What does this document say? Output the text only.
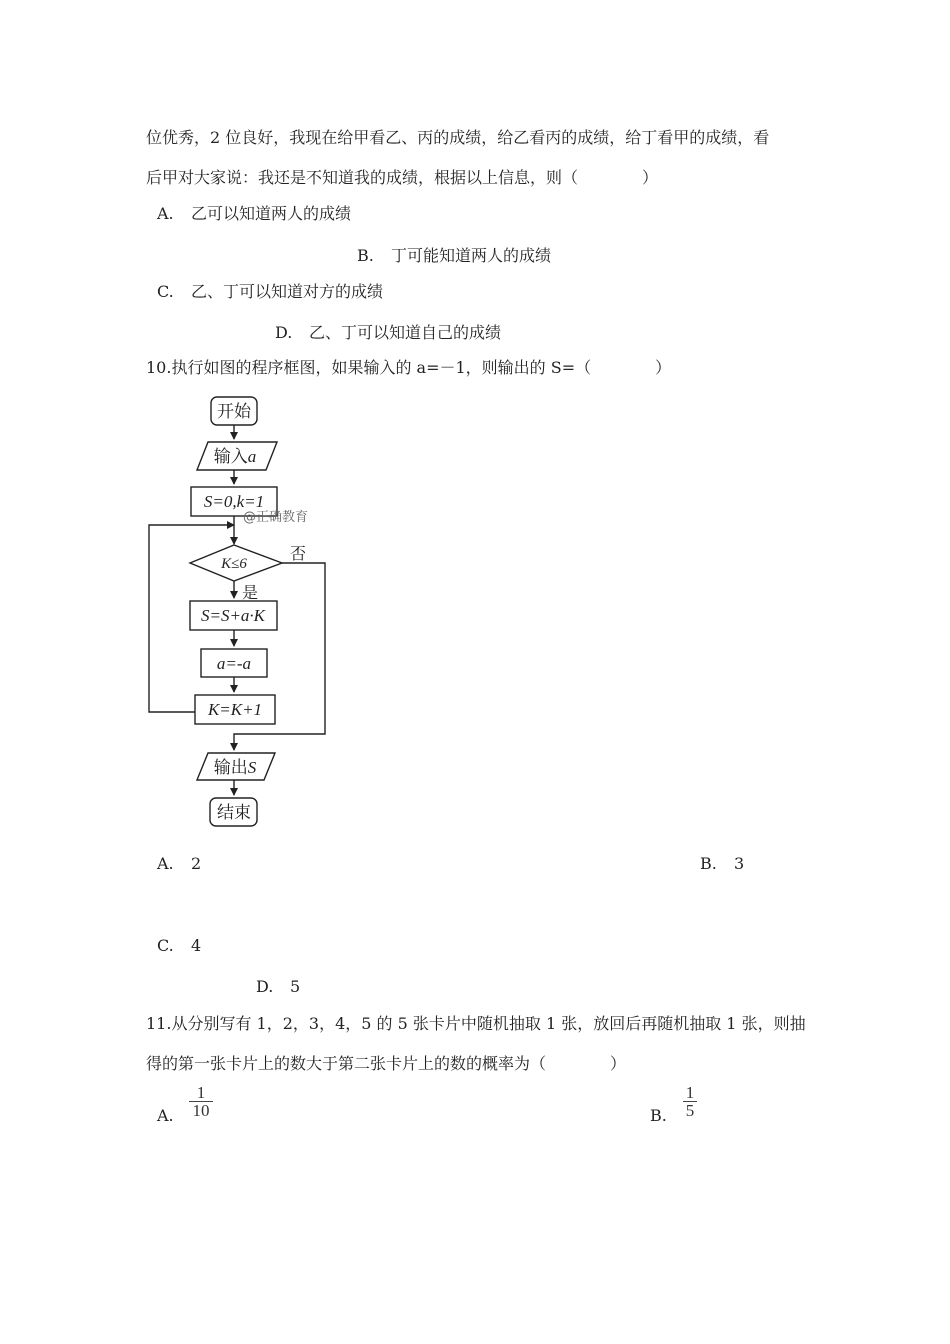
位优秀，2 位良好，我现在给甲看乙、丙的成绩，给乙看丙的成绩，给丁看甲的成绩，看
后甲对大家说：我还是不知道我的成绩，根据以上信息，则（　　　　）
A. 乙可以知道两人的成绩
B. 丁可能知道两人的成绩
C. 乙、丁可以知道对方的成绩
D. 乙、丁可以知道自己的成绩
10.执行如图的程序框图，如果输入的 a=－1，则输出的 S=（　　　　）
开始
输入a
S=0,k=1
@正确教育
K≤6
否
是
S=S+a·K
a=-a
K=K+1
输出S
结束
A. 2	B. 3
C. 4
D. 5
11.从分别写有 1，2，3，4，5 的 5 张卡片中随机抽取 1 张，放回后再随机抽取 1 张，则抽
得的第一张卡片上的数大于第二张卡片上的数的概率为（　　　　）
A.
1
10	B.
1
5
